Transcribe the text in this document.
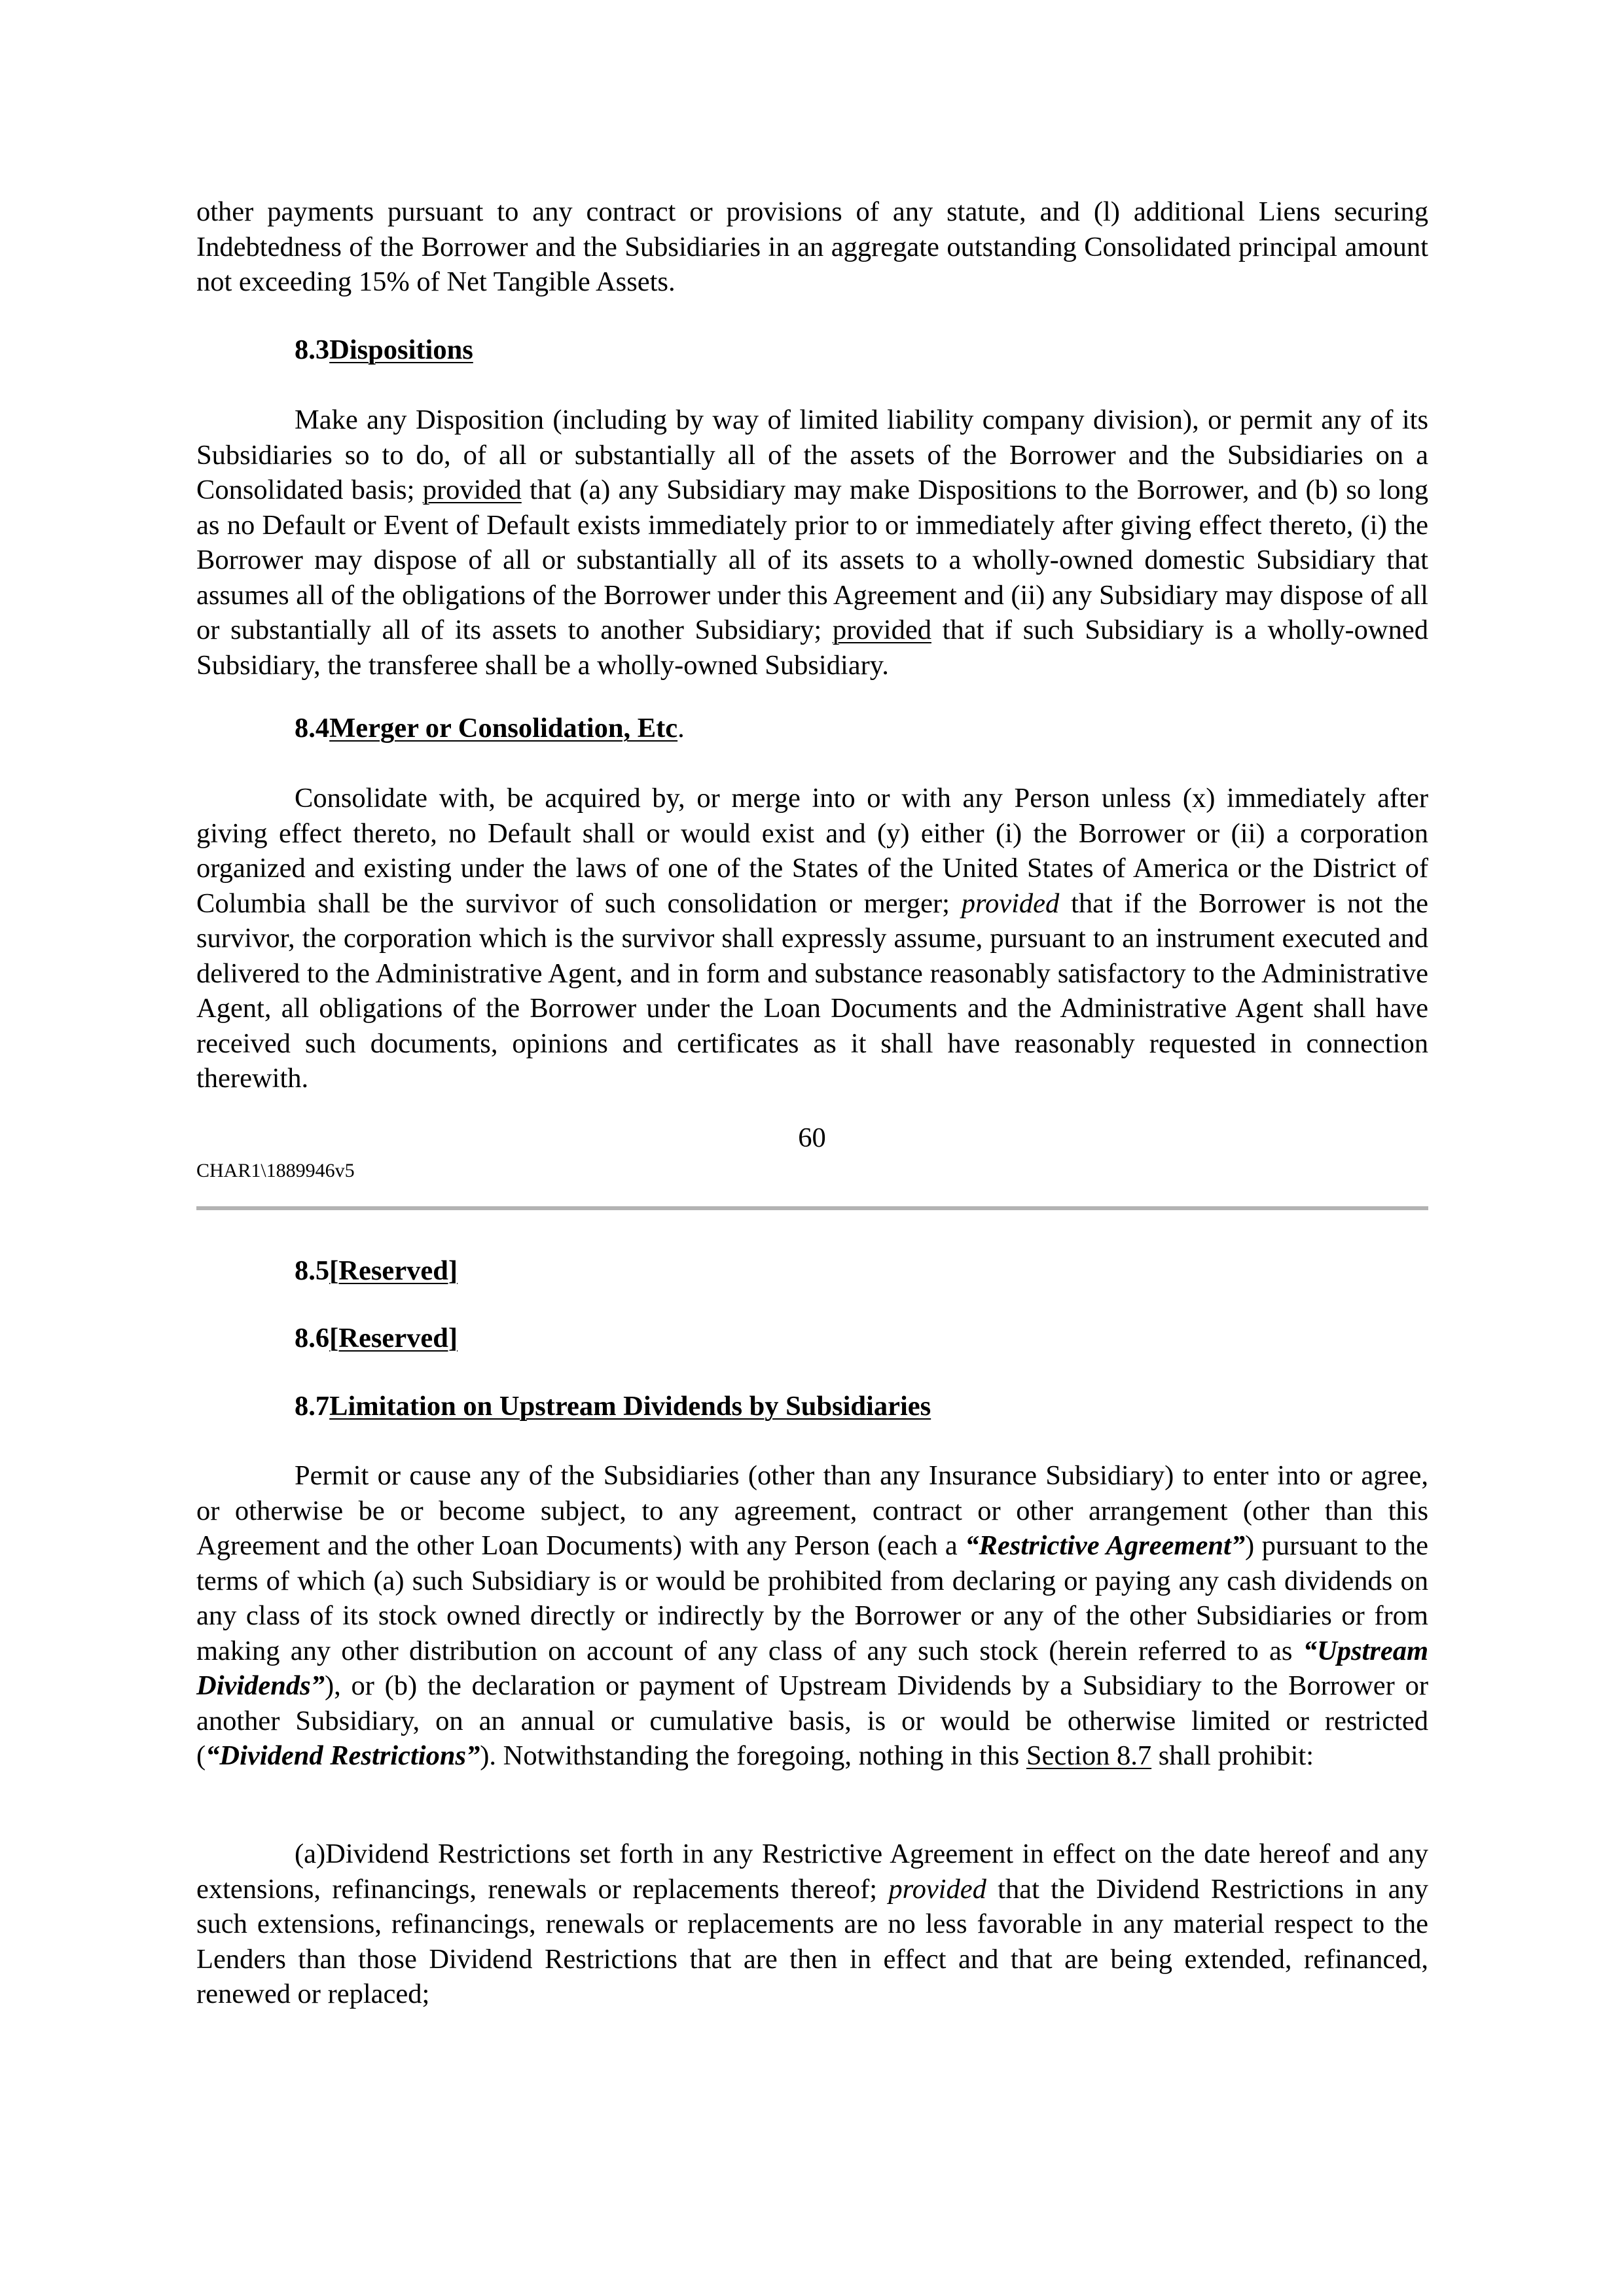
other payments pursuant to any contract or provisions of any statute, and (l) additional Liens securing Indebtedness of the Borrower and the Subsidiaries in an aggregate outstanding Consolidated principal amount not exceeding 15% of Net Tangible Assets.

8.3Dispositions

Make any Disposition (including by way of limited liability company division), or permit any of its Subsidiaries so to do, of all or substantially all of the assets of the Borrower and the Subsidiaries on a Consolidated basis; provided that (a) any Subsidiary may make Dispositions to the Borrower, and (b) so long as no Default or Event of Default exists immediately prior to or immediately after giving effect thereto, (i) the Borrower may dispose of all or substantially all of its assets to a wholly-owned domestic Subsidiary that assumes all of the obligations of the Borrower under this Agreement and (ii) any Subsidiary may dispose of all or substantially all of its assets to another Subsidiary; provided that if such Subsidiary is a wholly-owned Subsidiary, the transferee shall be a wholly-owned Subsidiary.

8.4Merger or Consolidation, Etc.

Consolidate with, be acquired by, or merge into or with any Person unless (x) immediately after giving effect thereto, no Default shall or would exist and (y) either (i) the Borrower or (ii) a corporation organized and existing under the laws of one of the States of the United States of America or the District of Columbia shall be the survivor of such consolidation or merger; provided that if the Borrower is not the survivor, the corporation which is the survivor shall expressly assume, pursuant to an instrument executed and delivered to the Administrative Agent, and in form and substance reasonably satisfactory to the Administrative Agent, all obligations of the Borrower under the Loan Documents and the Administrative Agent shall have received such documents, opinions and certificates as it shall have reasonably requested in connection therewith.

60
CHAR1\1889946v5

8.5[Reserved]

8.6[Reserved]

8.7Limitation on Upstream Dividends by Subsidiaries

Permit or cause any of the Subsidiaries (other than any Insurance Subsidiary) to enter into or agree, or otherwise be or become subject, to any agreement, contract or other arrangement (other than this Agreement and the other Loan Documents) with any Person (each a “Restrictive Agreement”) pursuant to the terms of which (a) such Subsidiary is or would be prohibited from declaring or paying any cash dividends on any class of its stock owned directly or indirectly by the Borrower or any of the other Subsidiaries or from making any other distribution on account of any class of any such stock (herein referred to as “Upstream Dividends”), or (b) the declaration or payment of Upstream Dividends by a Subsidiary to the Borrower or another Subsidiary, on an annual or cumulative basis, is or would be otherwise limited or restricted (“Dividend Restrictions”). Notwithstanding the foregoing, nothing in this Section 8.7 shall prohibit:

(a)Dividend Restrictions set forth in any Restrictive Agreement in effect on the date hereof and any extensions, refinancings, renewals or replacements thereof; provided that the Dividend Restrictions in any such extensions, refinancings, renewals or replacements are no less favorable in any material respect to the Lenders than those Dividend Restrictions that are then in effect and that are being extended, refinanced, renewed or replaced;
